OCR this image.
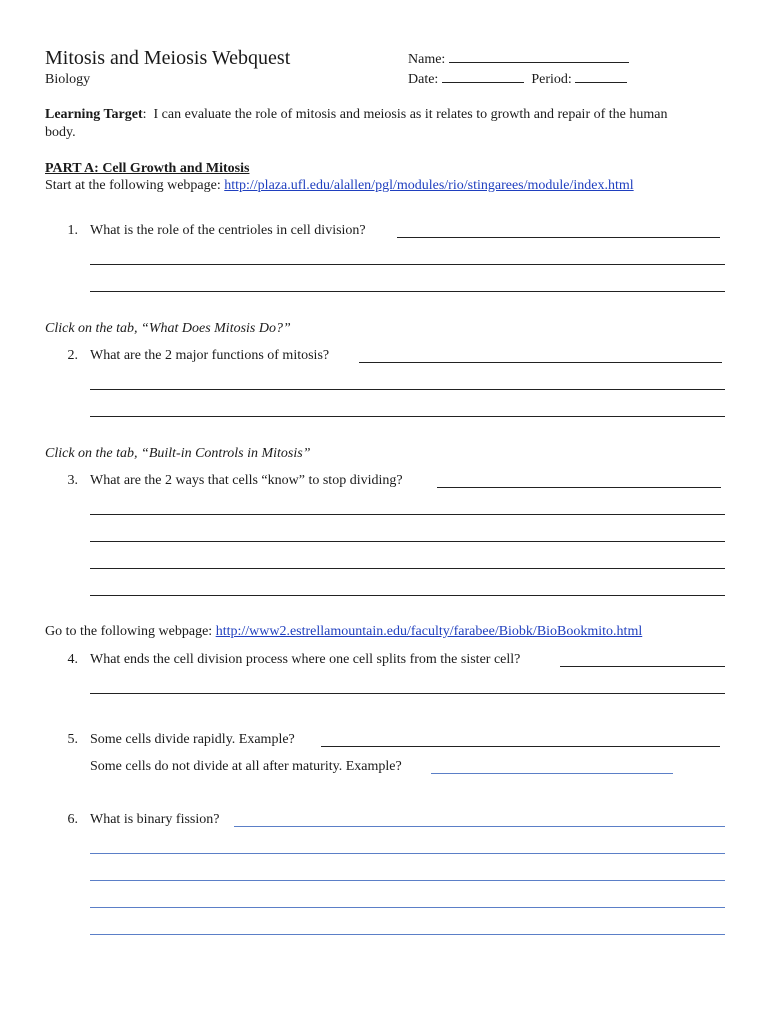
Mitosis and Meiosis Webquest
Biology
Name:
Date:	Period:
Learning Target: I can evaluate the role of mitosis and meiosis as it relates to growth and repair of the human
body.
PART A: Cell Growth and Mitosis
Start at the following webpage: http://plaza.ufl.edu/alallen/pgl/modules/rio/stingarees/module/index.html
1. What is the role of the centrioles in cell division?
Click on the tab, “What Does Mitosis Do?”
2. What are the 2 major functions of mitosis?
Click on the tab, “Built-in Controls in Mitosis”
3. What are the 2 ways that cells “know” to stop dividing?
Go to the following webpage: http://www2.estrellamountain.edu/faculty/farabee/Biobk/BioBookmito.html
4. What ends the cell division process where one cell splits from the sister cell?
5. Some cells divide rapidly. Example?
Some cells do not divide at all after maturity. Example?
6. What is binary fission?
